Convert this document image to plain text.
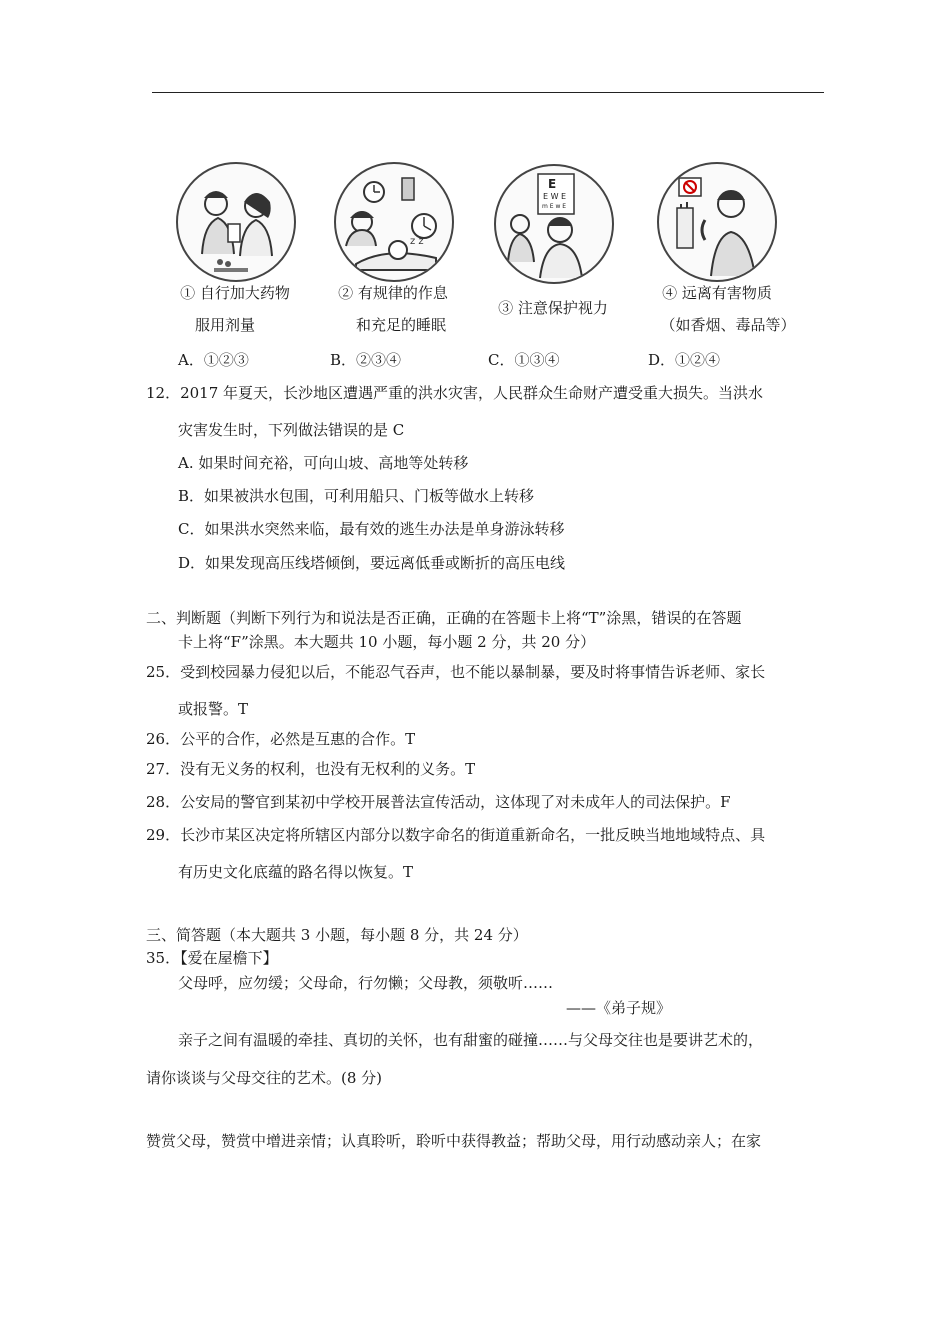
① 自行加大药物
服用剂量
z z
② 有规律的作息
和充足的睡眠
E
E W E
m E w E
③ 注意保护视力
④ 远离有害物质
（如香烟、毒品等）
A．①②③	B．②③④	C．①③④	D．①②④
12．2017 年夏天，长沙地区遭遇严重的洪水灾害，人民群众生命财产遭受重大损失。当洪水
灾害发生时，下列做法错误的是 C
A. 如果时间充裕，可向山坡、高地等处转移
B．如果被洪水包围，可利用船只、门板等做水上转移
C．如果洪水突然来临，最有效的逃生办法是单身游泳转移
D．如果发现高压线塔倾倒，要远离低垂或断折的高压电线
二、判断题（判断下列行为和说法是否正确，正确的在答题卡上将“T”涂黑，错误的在答题
卡上将“F”涂黑。本大题共 10 小题，每小题 2 分，共 20 分）
25．受到校园暴力侵犯以后，不能忍气吞声，也不能以暴制暴，要及时将事情告诉老师、家长
或报警。T
26．公平的合作，必然是互惠的合作。T
27．没有无义务的权利，也没有无权利的义务。T
28．公安局的警官到某初中学校开展普法宣传活动，这体现了对未成年人的司法保护。F
29．长沙市某区决定将所辖区内部分以数字命名的街道重新命名，一批反映当地地域特点、具
有历史文化底蕴的路名得以恢复。T
三、简答题（本大题共 3 小题，每小题 8 分，共 24 分）
35．【爱在屋檐下】
父母呼，应勿缓；父母命，行勿懒；父母教，须敬听……
——《弟子规》
亲子之间有温暖的牵挂、真切的关怀，也有甜蜜的碰撞……与父母交往也是要讲艺术的，
请你谈谈与父母交往的艺术。(8 分)
赞赏父母，赞赏中增进亲情；认真聆听，聆听中获得教益；帮助父母，用行动感动亲人；在家
